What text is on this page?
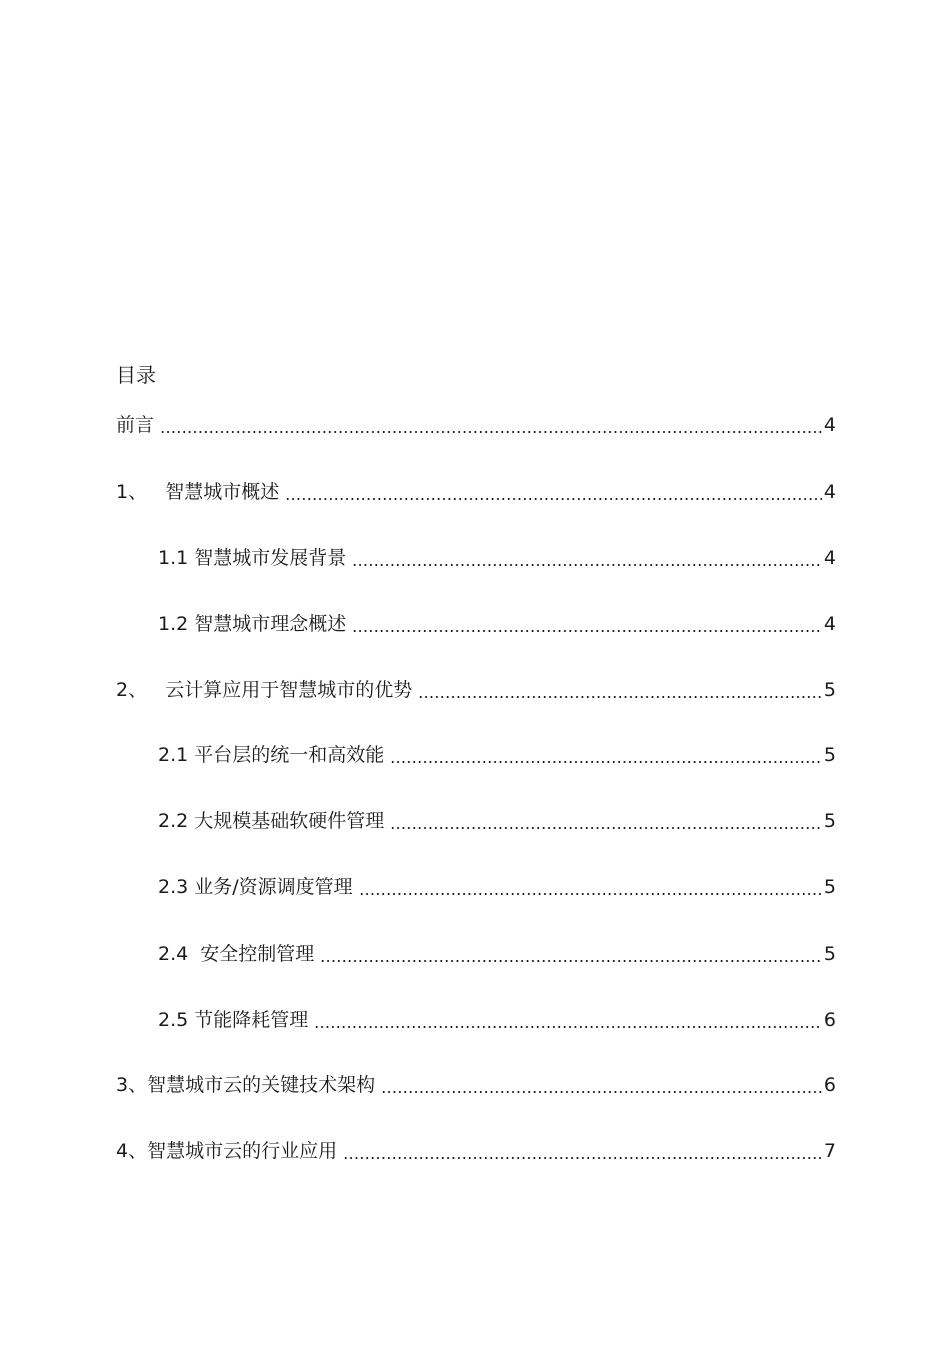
目录
前言	4
1、 智慧城市概述	4
1.1 智慧城市发展背景	4
1.2 智慧城市理念概述	4
2、 云计算应用于智慧城市的优势	5
2.1 平台层的统一和高效能	5
2.2 大规模基础软硬件管理	5
2.3 业务/资源调度管理	5
2.4 安全控制管理	5
2.5 节能降耗管理	6
3、 智慧城市云的关键技术架构	6
4、 智慧城市云的行业应用	7
